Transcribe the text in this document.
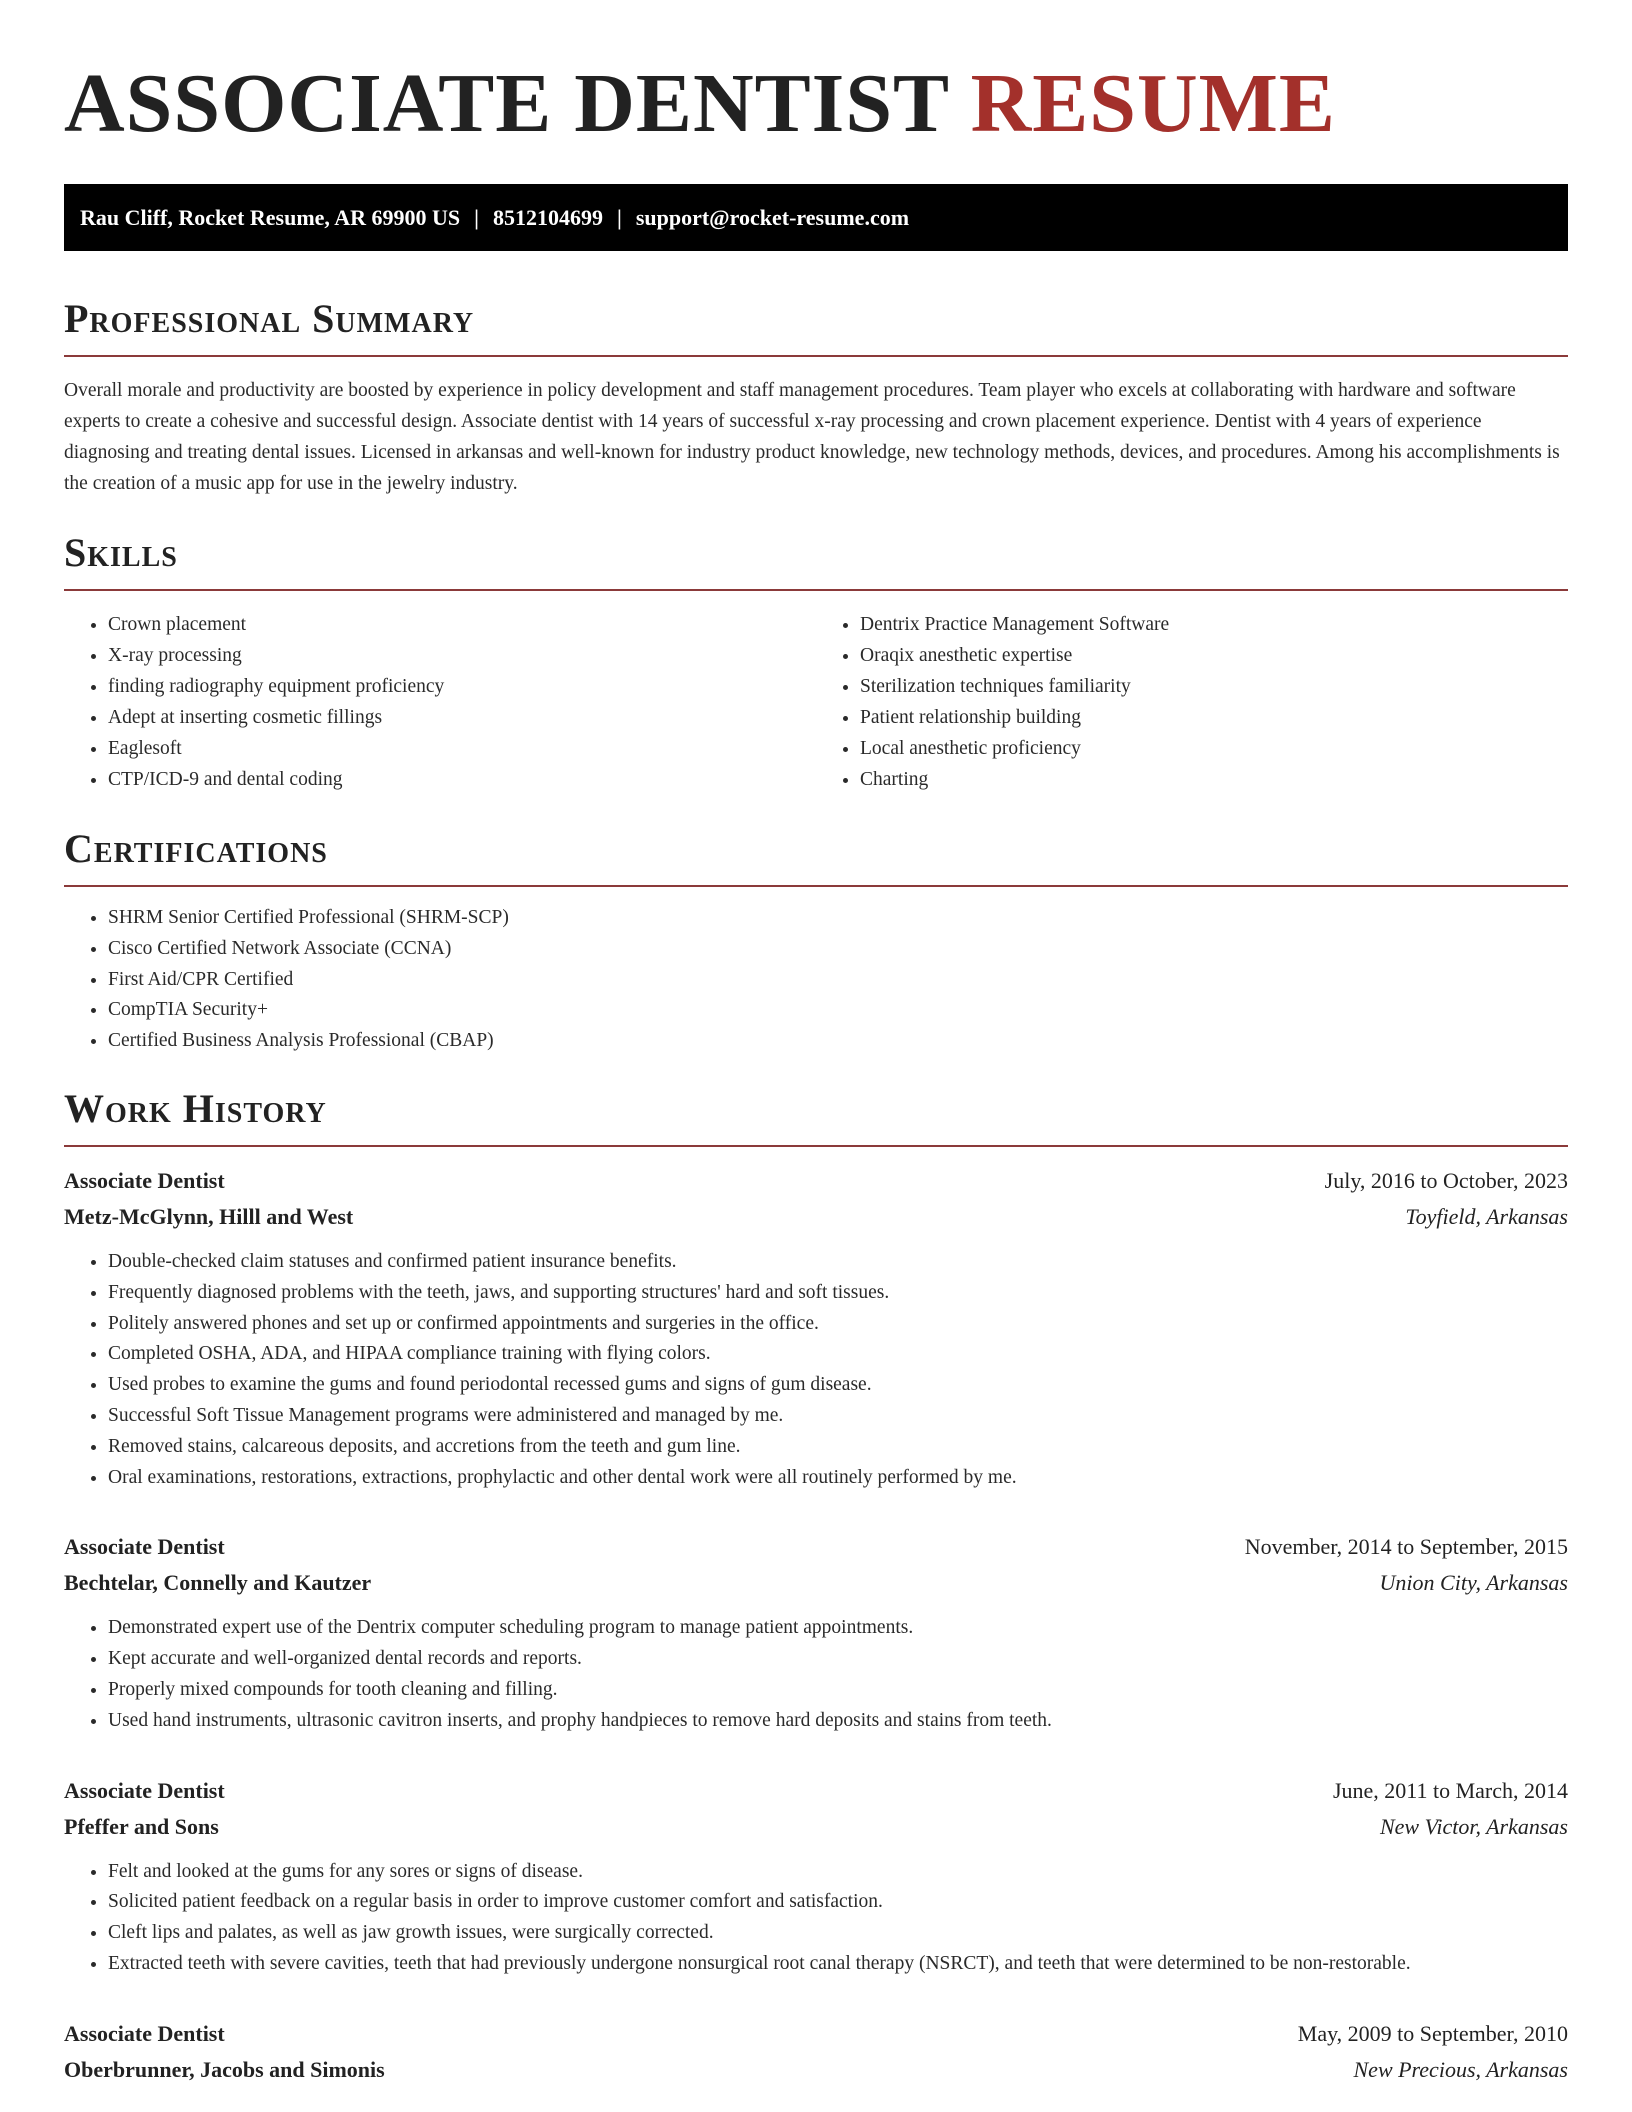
ASSOCIATE DENTIST RESUME
Rau Cliff, Rocket Resume, AR 69900 US | 8512104699 | support@rocket-resume.com
Professional Summary

Overall morale and productivity are boosted by experience in policy development and staff management procedures. Team player who excels at collaborating with hardware and software experts to create a cohesive and successful design. Associate dentist with 14 years of successful x-ray processing and crown placement experience. Dentist with 4 years of experience diagnosing and treating dental issues. Licensed in arkansas and well-known for industry product knowledge, new technology methods, devices, and procedures. Among his accomplishments is the creation of a music app for use in the jewelry industry.

Skills
• Crown placement
• X-ray processing
• finding radiography equipment proficiency
• Adept at inserting cosmetic fillings
• Eaglesoft
• CTP/ICD-9 and dental coding
• Dentrix Practice Management Software
• Oraqix anesthetic expertise
• Sterilization techniques familiarity
• Patient relationship building
• Local anesthetic proficiency
• Charting
Certifications
• SHRM Senior Certified Professional (SHRM-SCP)
• Cisco Certified Network Associate (CCNA)
• First Aid/CPR Certified
• CompTIA Security+
• Certified Business Analysis Professional (CBAP)
Work History
Associate Dentist	July, 2016 to October, 2023
Metz-McGlynn, Hilll and West	Toyfield, Arkansas
• Double-checked claim statuses and confirmed patient insurance benefits.
• Frequently diagnosed problems with the teeth, jaws, and supporting structures' hard and soft tissues.
• Politely answered phones and set up or confirmed appointments and surgeries in the office.
• Completed OSHA, ADA, and HIPAA compliance training with flying colors.
• Used probes to examine the gums and found periodontal recessed gums and signs of gum disease.
• Successful Soft Tissue Management programs were administered and managed by me.
• Removed stains, calcareous deposits, and accretions from the teeth and gum line.
• Oral examinations, restorations, extractions, prophylactic and other dental work were all routinely performed by me.
Associate Dentist	November, 2014 to September, 2015
Bechtelar, Connelly and Kautzer	Union City, Arkansas
• Demonstrated expert use of the Dentrix computer scheduling program to manage patient appointments.
• Kept accurate and well-organized dental records and reports.
• Properly mixed compounds for tooth cleaning and filling.
• Used hand instruments, ultrasonic cavitron inserts, and prophy handpieces to remove hard deposits and stains from teeth.
Associate Dentist	June, 2011 to March, 2014
Pfeffer and Sons	New Victor, Arkansas
• Felt and looked at the gums for any sores or signs of disease.
• Solicited patient feedback on a regular basis in order to improve customer comfort and satisfaction.
• Cleft lips and palates, as well as jaw growth issues, were surgically corrected.
• Extracted teeth with severe cavities, teeth that had previously undergone nonsurgical root canal therapy (NSRCT), and teeth that were determined to be non-restorable.
Associate Dentist	May, 2009 to September, 2010
Oberbrunner, Jacobs and Simonis	New Precious, Arkansas
